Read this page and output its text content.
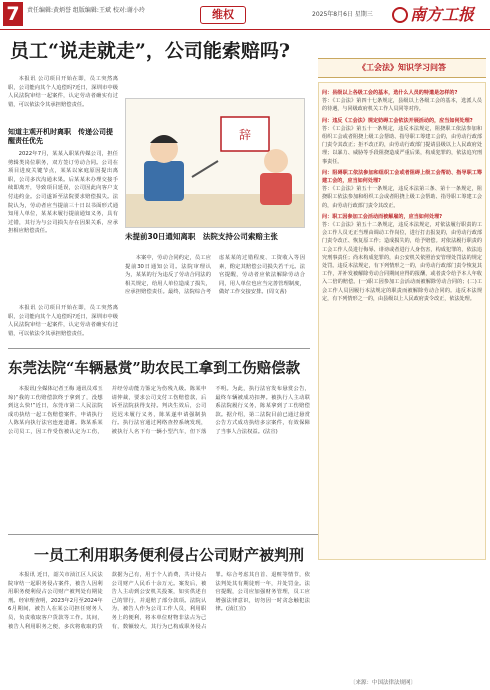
7	责任编辑:黄炳誉 组版编辑:王斌 校对:谢小玲	维权	2025年8月6日 星期三	南方工报
员工“说走就走”，公司能索赔吗?

本报讯 公司项目开始在即，员工突然离职，公司能向其个人追偿吗?近日，深圳市中级人民法院审结一起案件，认定劳动者确实有过错，可以依法令其承担赔偿责任。

知道主观开机时离职　传递公司提醒责任优先

2022年7月，某某入职某传媒公司，担任剪辑类岗位职务，双方签订劳动合同。公司在项目进度关键节点，某某以家庭原因提出离职，公司多次沟通未果。后某某未办理交接手续即离开，导致项目延误，公司因此向客户支付违约金。公司遂诉至法院要求赔偿损失。法院认为，劳动者应当提前三十日以书面形式通知用人单位，某某未履行提前通知义务，具有过错，其行为与公司损失存在因果关系，应承担相应赔偿责任。

辞
未提前30日通知离职　法院支持公司索赔主张

本案中，劳动合同约定，员工应提前30日通知公司。法院审理认为，某某的行为违反了劳动合同法的相关规定，给用人单位造成了损失，应承担赔偿责任。最终，法院综合考虑某某的过错程度、工资收入等因素，酌定其赔偿公司损失若干元。法官提醒，劳动者应依法解除劳动合同，用人单位也应当完善管理制度，做好工作交接安排。(周文茜)

本报讯 公司项目开始在即，员工突然离职，公司能向其个人追偿吗?近日，深圳市中级人民法院审结一起案件，认定劳动者确实有过错，可以依法令其承担赔偿责任。

东莞法院“车辆悬赏”助农民工拿到工伤赔偿款

本报讯(全媒体记者王梅 通讯员邓玉琼)“我的工伤赔偿款终于拿到了，没想到这么快!”近日，东莞市第二人民法院成功执结一起工伤赔偿案件，申请执行人陈某向执行法官连连道谢。陈某系某公司员工，因工作受伤被认定为工伤，并经劳动能力鉴定为伤残九级。陈某申请仲裁，要求公司支付工伤赔偿款，后诉至法院获得支持。判决生效后，公司迟迟未履行义务，陈某遂申请强制执行。执行法官通过网络查控系统发现，被执行人名下有一辆小型汽车，但下落不明。为此，执行法官发布悬赏公告，最终车辆被成功扣押。被执行人主动联系法院履行义务，陈某拿到了工伤赔偿款。据介绍，第二法院目前已通过悬赏公告方式成功执结多宗案件，有效保障了当事人合法权益。(法宣)

一员工利用职务便利侵占公司财产被判刑

本报讯 近日，韶关市浈江区人民法院审结一起职务侵占案件，被告人因利用职务便利侵占公司财产被判处有期徒刑。经审理查明，2023年2月至2024年6月期间，被告人在某公司担任财务人员，负责收取客户货款等工作。其间，被告人利用职务之便，多次将收取的货款据为己有，用于个人消费，共计侵占公司财产人民币十余万元。案发后，被告人主动到公安机关投案，如实供述自己的罪行，并退赔了部分款项。法院认为，被告人作为公司工作人员，利用职务上的便利，将本单位财物非法占为己有，数额较大，其行为已构成职务侵占罪。综合考虑其自首、退赃等情节，依法判处其有期徒刑一年，并处罚金。法官提醒，公司应加强财务管理，员工应增强法律意识，切勿因一时贪念触犯法律。(浈江宣)

《工会法》知识学习问答
问：县级以上各级工会的基本，选什么人员的特遣是怎样的?
答：《工会法》第四十七条规定，县级以上各级工会的基本，选派人员的待遇，与同级政府机关工作人员同等对待。
问：违反《工会法》规定妨碍工会依法开展活动的，应当如何处理?
答：《工会法》第五十一条规定，违反本法规定，阻挠职工依法参加和组织工会或者阻挠上级工会帮助、指导职工筹建工会的，由劳动行政部门责令其改正；拒不改正的，由劳动行政部门提请县级以上人民政府处理；以暴力、威胁等手段阻挠造成严重后果，构成犯罪的，依法追究刑事责任。
问：阻碍职工依法参加和组织工会或者阻碍上级工会帮助、指导职工筹建工会的，应当如何处理?
答：《工会法》第五十一条规定，违反本法第三条、第十一条规定，阻挠职工依法参加和组织工会或者阻挠上级工会帮助、指导职工筹建工会的，由劳动行政部门责令其改正。
问：职工因参加工会活动而被解雇的，应当如何处理?
答：《工会法》第五十二条规定，违反本法规定，对依法履行职责的工会工作人员无正当理由调动工作岗位，进行打击报复的，由劳动行政部门责令改正、恢复原工作；造成损失的，给予赔偿。对依法履行职责的工会工作人员进行侮辱、诽谤或者进行人身伤害，构成犯罪的，依法追究刑事责任；尚未构成犯罪的，由公安机关依照治安管理处罚法的规定处罚。违反本法规定，有下列情形之一的，由劳动行政部门责令恢复其工作，并补发被解除劳动合同期间应得的报酬，或者责令给予本人年收入二倍的赔偿。(一)职工因参加工会活动而被解除劳动合同的；(二)工会工作人员因履行本法规定的职责而被解除劳动合同的。违反本法规定，有下列情形之一的，由县级以上人民政府责令改正，依法处理。
〔来源：中国法律法规网〕
